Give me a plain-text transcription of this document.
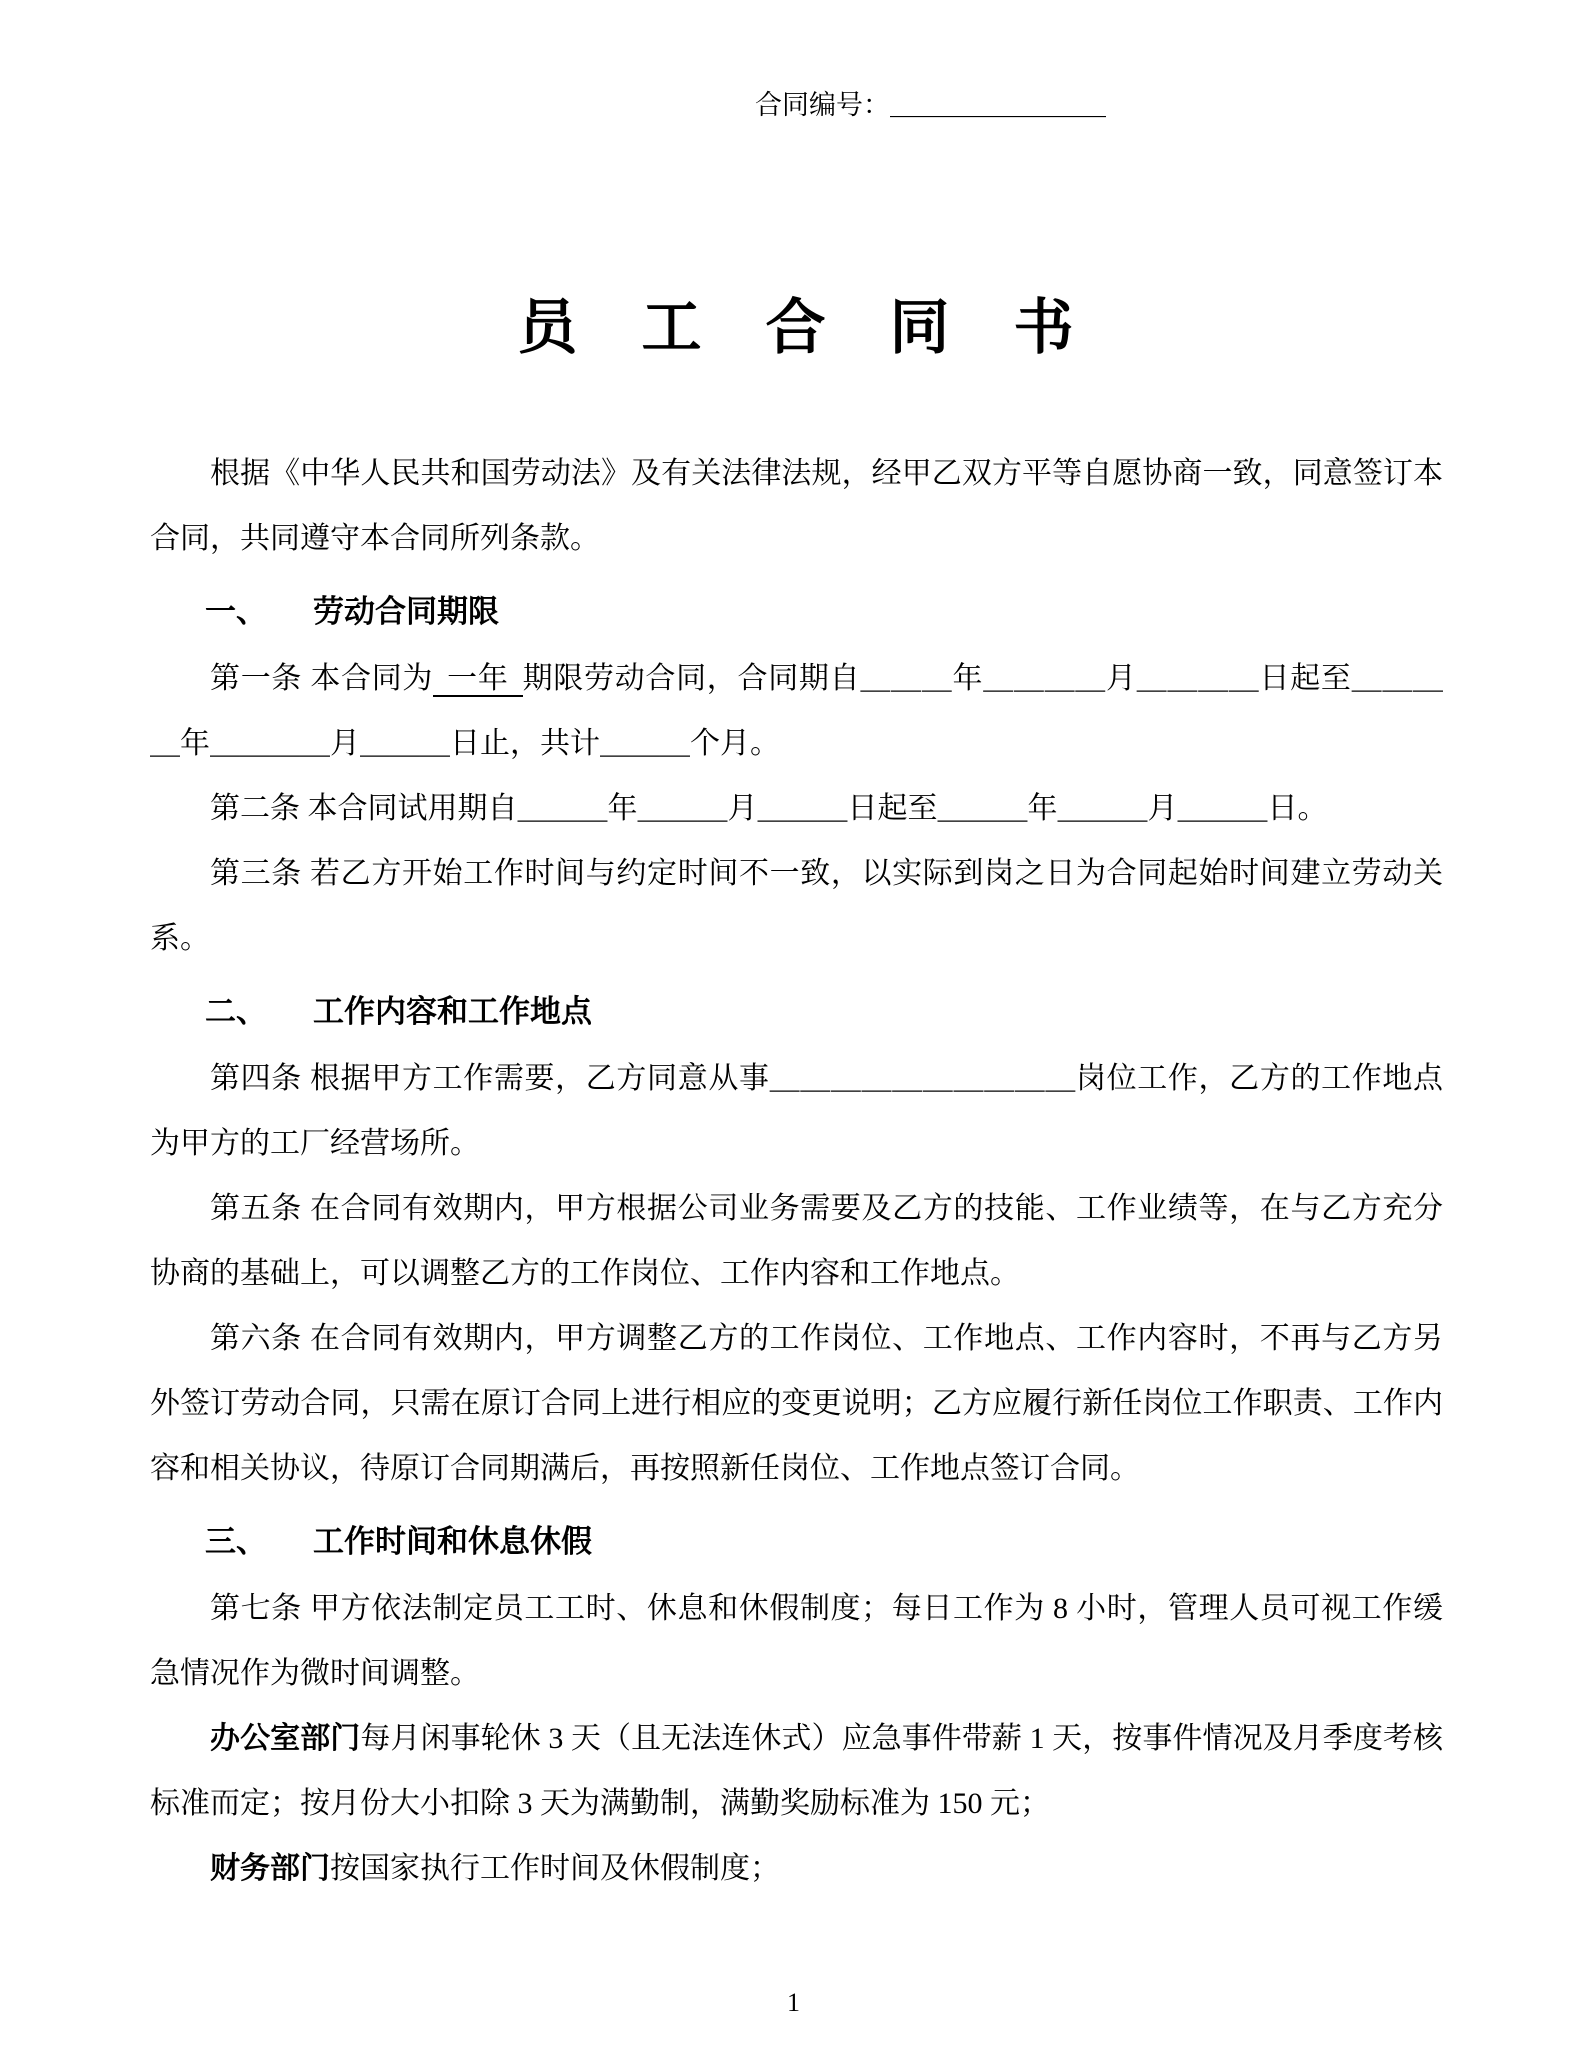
合同编号：＿＿＿＿＿＿＿＿
员　工　合　同　书

根据《中华人民共和国劳动法》及有关法律法规，经甲乙双方平等自愿协商一致，同意签订本合同，共同遵守本合同所列条款。

一、 劳动合同期限

第一条 本合同为 一年 期限劳动合同，合同期自＿＿＿年＿＿＿＿月＿＿＿＿日起至＿＿＿＿年＿＿＿＿月＿＿＿日止，共计＿＿＿个月。

第二条 本合同试用期自＿＿＿年＿＿＿月＿＿＿日起至＿＿＿年＿＿＿月＿＿＿日。

第三条 若乙方开始工作时间与约定时间不一致，以实际到岗之日为合同起始时间建立劳动关系。

二、 工作内容和工作地点

第四条 根据甲方工作需要，乙方同意从事＿＿＿＿＿＿＿＿＿＿岗位工作，乙方的工作地点为甲方的工厂经营场所。

第五条 在合同有效期内，甲方根据公司业务需要及乙方的技能、工作业绩等，在与乙方充分协商的基础上，可以调整乙方的工作岗位、工作内容和工作地点。

第六条 在合同有效期内，甲方调整乙方的工作岗位、工作地点、工作内容时，不再与乙方另外签订劳动合同，只需在原订合同上进行相应的变更说明；乙方应履行新任岗位工作职责、工作内容和相关协议，待原订合同期满后，再按照新任岗位、工作地点签订合同。

三、 工作时间和休息休假

第七条 甲方依法制定员工工时、休息和休假制度；每日工作为 8 小时，管理人员可视工作缓急情况作为微时间调整。

办公室部门每月闲事轮休 3 天（且无法连休式）应急事件带薪 1 天，按事件情况及月季度考核标准而定；按月份大小扣除 3 天为满勤制，满勤奖励标准为 150 元；

财务部门按国家执行工作时间及休假制度；

1
